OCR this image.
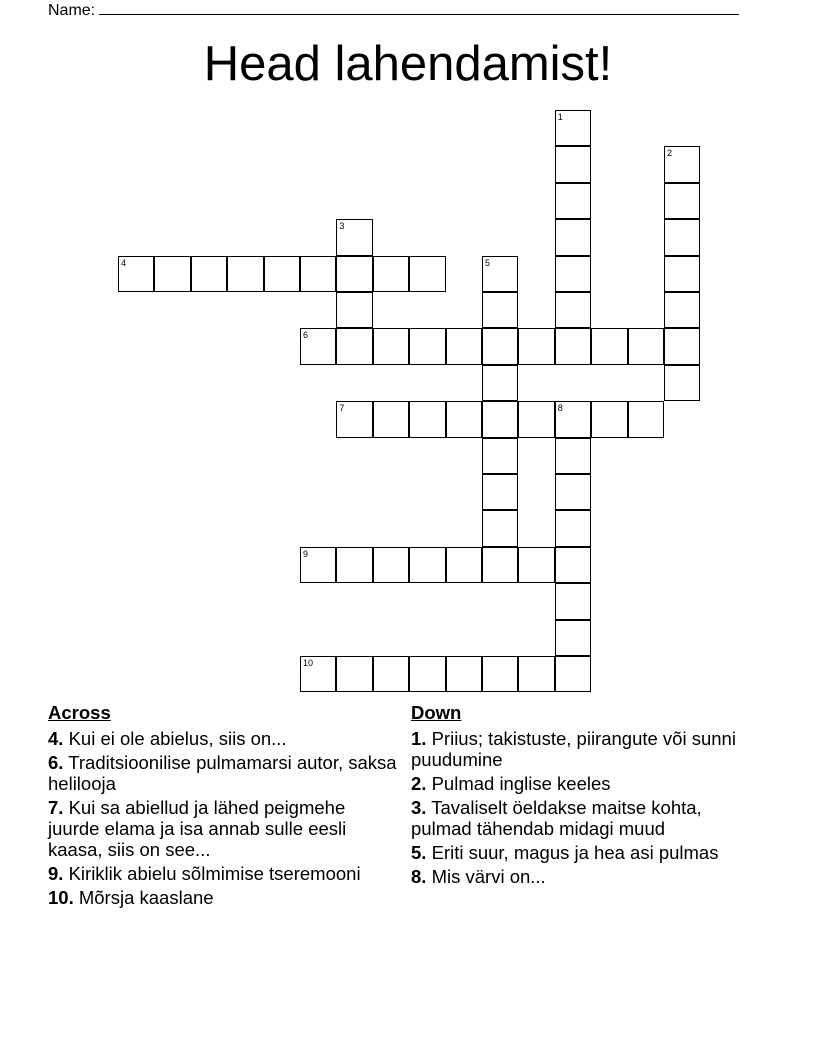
Name:
Head lahendamist!
1
2
3
4	5
6
7	8
9
10
Across
4. Kui ei ole abielus, siis on...
6. Traditsioonilise pulmamarsi autor, saksa helilooja
7. Kui sa abiellud ja lähed peigmehe juurde elama ja isa annab sulle eesli kaasa, siis on see...
9. Kiriklik abielu sõlmimise tseremooni
10. Mõrsja kaaslane
Down
1. Priius; takistuste, piirangute või sunni puudumine
2. Pulmad inglise keeles
3. Tavaliselt öeldakse maitse kohta, pulmad tähendab midagi muud
5. Eriti suur, magus ja hea asi pulmas
8. Mis värvi on...
